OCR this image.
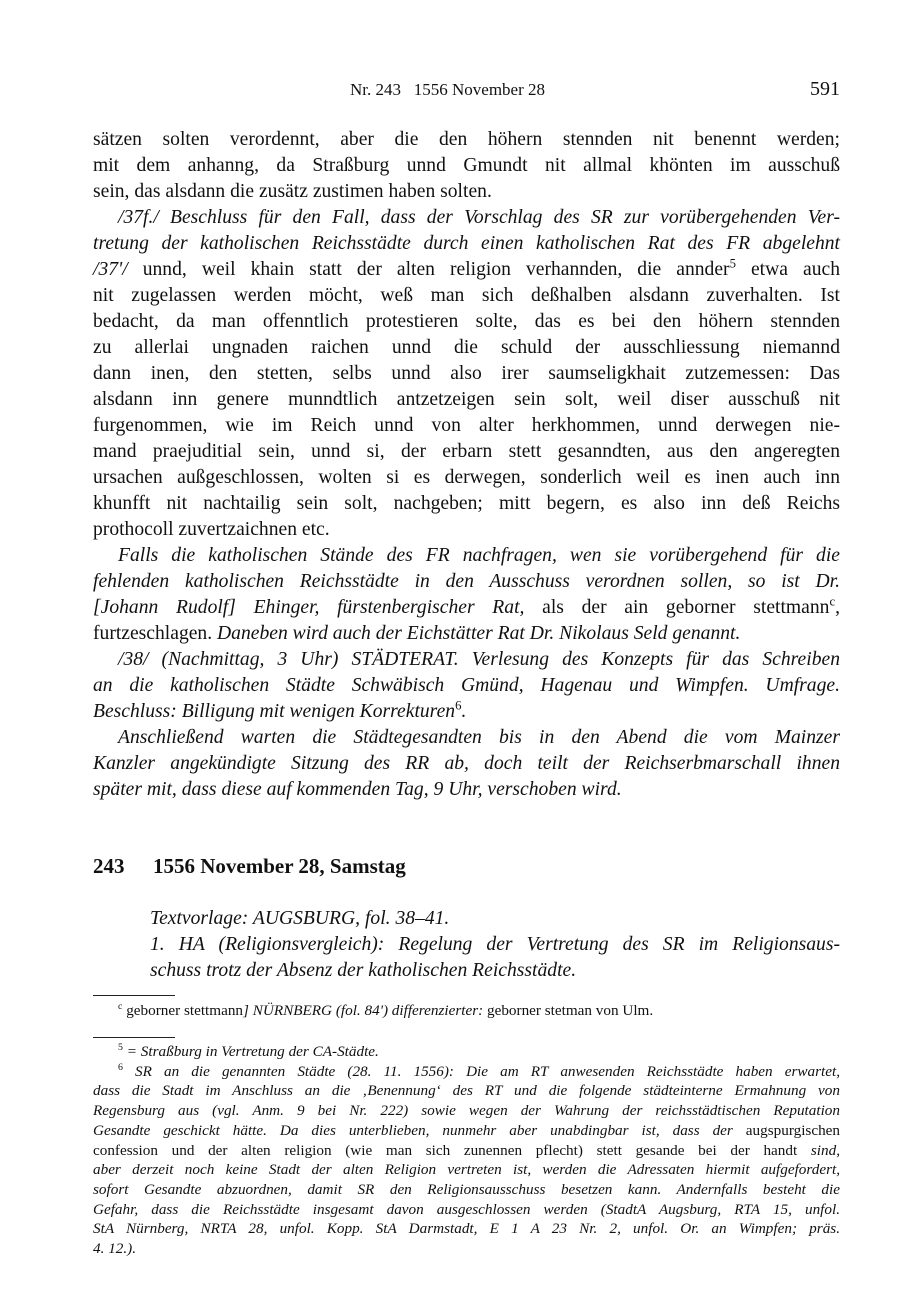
Nr. 243   1556 November 28	591
sätzen solten verordennt, aber die den höhern stennden nit benennt werden;
mit dem anhanng, da Straßburg unnd Gmundt nit allmal khönten im ausschuß
sein, das alsdann die zusätz zustimen haben solten.
/37f./ Beschluss für den Fall, dass der Vorschlag des SR zur vorübergehenden Ver-
tretung der katholischen Reichsstädte durch einen katholischen Rat des FR abgelehnt
/37'/ unnd, weil khain statt der alten religion verhannden, die annder$^5$ etwa auch
nit zugelassen werden möcht, weß man sich deßhalben alsdann zuverhalten. Ist
bedacht, da man offenntlich protestieren solte, das es bei den höhern stennden
zu allerlai ungnaden raichen unnd die schuld der ausschliessung niemannd
dann inen, den stetten, selbs unnd also irer saumseligkhait zutzemessen: Das
alsdann inn genere munndtlich antzetzeigen sein solt, weil diser ausschuß nit
furgenommen, wie im Reich unnd von alter herkhommen, unnd derwegen nie-
mand praejuditial sein, unnd si, der erbarn stett gesanndten, aus den angeregten
ursachen außgeschlossen, wolten si es derwegen, sonderlich weil es inen auch inn
khunfft nit nachtailig sein solt, nachgeben; mitt begern, es also inn deß Reichs
prothocoll zuvertzaichnen etc.
Falls die katholischen Stände des FR nachfragen, wen sie vorübergehend für die
fehlenden katholischen Reichsstädte in den Ausschuss verordnen sollen, so ist Dr.
[Johann Rudolf] Ehinger, fürstenbergischer Rat, als der ain geborner stettmann$^c$,
furtzeschlagen. Daneben wird auch der Eichstätter Rat Dr. Nikolaus Seld genannt.
/38/ (Nachmittag, 3 Uhr) STÄDTERAT. Verlesung des Konzepts für das Schreiben
an die katholischen Städte Schwäbisch Gmünd, Hagenau und Wimpfen. Umfrage.
Beschluss: Billigung mit wenigen Korrekturen$^6$.
Anschließend warten die Städtegesandten bis in den Abend die vom Mainzer
Kanzler angekündigte Sitzung des RR ab, doch teilt der Reichserbmarschall ihnen
später mit, dass diese auf kommenden Tag, 9 Uhr, verschoben wird.
243 1556 November 28, Samstag
Textvorlage: AUGSBURG, fol. 38–41.
1. HA (Religionsvergleich): Regelung der Vertretung des SR im Religionsaus-
schuss trotz der Absenz der katholischen Reichsstädte.
$^c$ geborner stettmann] NÜRNBERG (fol. 84') differenzierter: geborner stetman von Ulm.
$^5$ = Straßburg in Vertretung der CA-Städte.
$^6$ SR an die genannten Städte (28. 11. 1556): Die am RT anwesenden Reichsstädte haben erwartet,
dass die Stadt im Anschluss an die ‚Benennung‘ des RT und die folgende städteinterne Ermahnung von
Regensburg aus (vgl. Anm. 9 bei Nr. 222) sowie wegen der Wahrung der reichsstädtischen Reputation
Gesandte geschickt hätte. Da dies unterblieben, nunmehr aber unabdingbar ist, dass der augspurgischen
confession und der alten religion (wie man sich zunennen pflecht) stett gesande bei der handt sind,
aber derzeit noch keine Stadt der alten Religion vertreten ist, werden die Adressaten hiermit aufgefordert,
sofort Gesandte abzuordnen, damit SR den Religionsausschuss besetzen kann. Andernfalls besteht die
Gefahr, dass die Reichsstädte insgesamt davon ausgeschlossen werden (StadtA Augsburg, RTA 15, unfol.
StA Nürnberg, NRTA 28, unfol. Kopp. StA Darmstadt, E 1 A 23 Nr. 2, unfol. Or. an Wimpfen; präs.
4. 12.).
